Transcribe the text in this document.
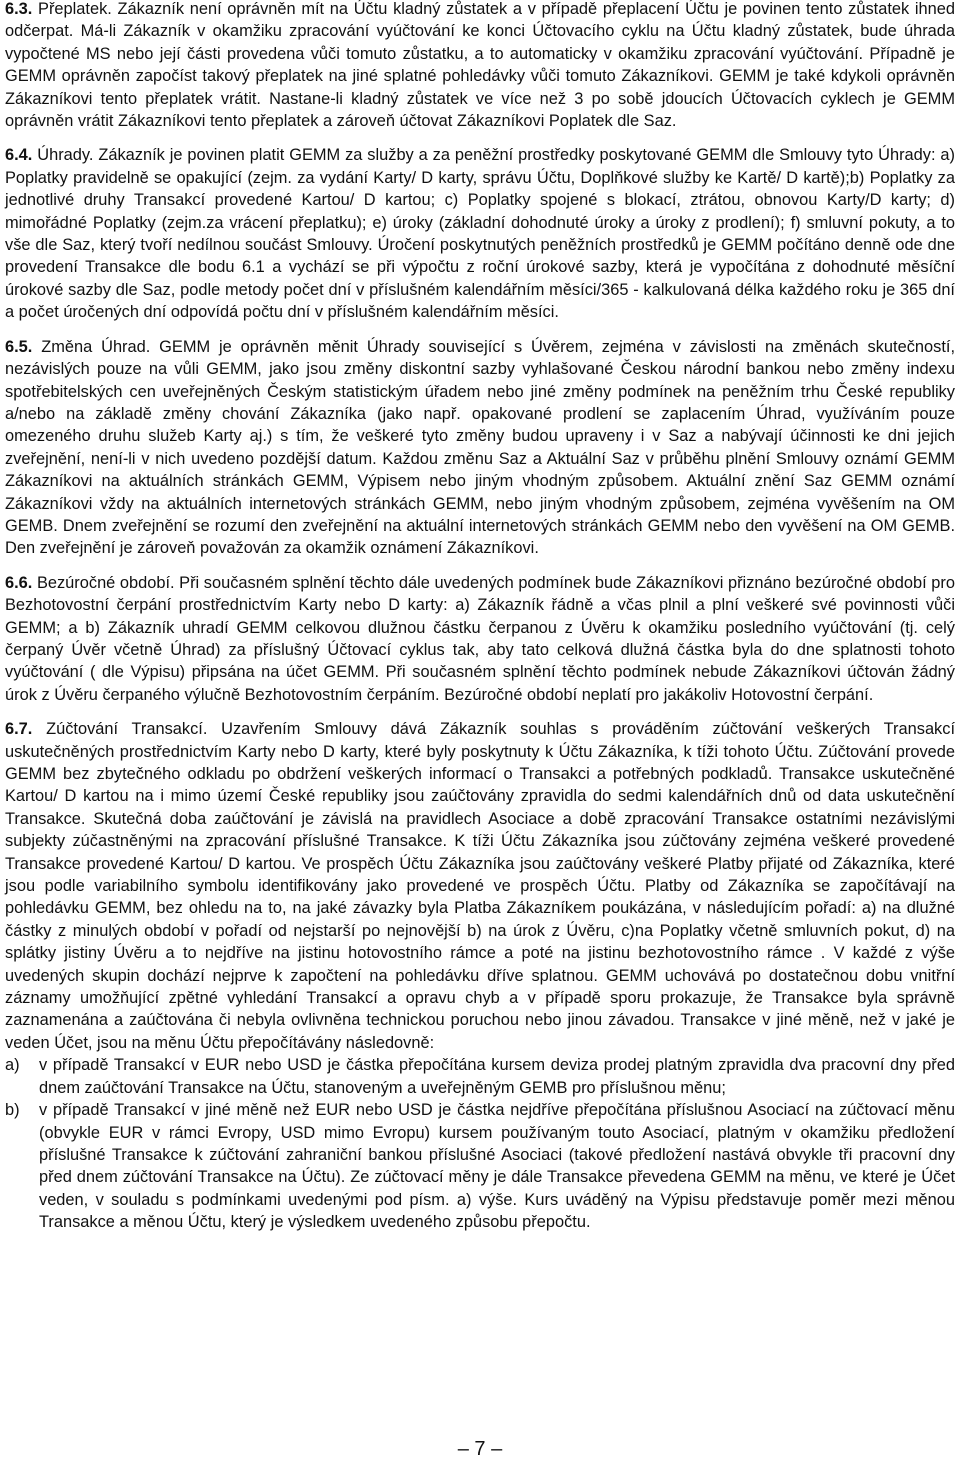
6.3. Přeplatek. Zákazník není oprávněn mít na Účtu kladný zůstatek a v případě přeplacení Účtu je povinen tento zůstatek ihned odčerpat. Má-li Zákazník v okamžiku zpracování vyúčtování ke konci Účtovacího cyklu na Účtu kladný zůstatek, bude úhrada vypočtené MS nebo její části provedena vůči tomuto zůstatku, a to automaticky v okamžiku zpracování vyúčtování. Případně je GEMM oprávněn započíst takový přeplatek na jiné splatné pohledávky vůči tomuto Zákazníkovi. GEMM je také kdykoli oprávněn Zákazníkovi tento přeplatek vrátit. Nastane-li kladný zůstatek ve více než 3 po sobě jdoucích Účtovacích cyklech je GEMM oprávněn vrátit Zákazníkovi tento přeplatek a zároveň účtovat Zákazníkovi Poplatek dle Saz.

6.4. Úhrady. Zákazník je povinen platit GEMM za služby a za peněžní prostředky poskytované GEMM dle Smlouvy tyto Úhrady: a) Poplatky pravidelně se opakující (zejm. za vydání Karty/ D karty, správu Účtu, Doplňkové služby ke Kartě/ D kartě);b) Poplatky za jednotlivé druhy Transakcí provedené Kartou/ D kartou; c) Poplatky spojené s blokací, ztrátou, obnovou Karty/D karty; d) mimořádné Poplatky (zejm.za vrácení přeplatku); e) úroky (základní dohodnuté úroky a úroky z prodlení); f) smluvní pokuty, a to vše dle Saz, který tvoří nedílnou součást Smlouvy. Úročení poskytnutých peněžních prostředků je GEMM počítáno denně ode dne provedení Transakce dle bodu 6.1 a vychází se při výpočtu z roční úrokové sazby, která je vypočítána z dohodnuté měsíční úrokové sazby dle Saz, podle metody počet dní v příslušném kalendářním měsíci/365 - kalkulovaná délka každého roku je 365 dní a počet úročených dní odpovídá počtu dní v příslušném kalendářním měsíci.

6.5. Změna Úhrad. GEMM je oprávněn měnit Úhrady související s Úvěrem, zejména v závislosti na změnách skutečností, nezávislých pouze na vůli GEMM, jako jsou změny diskontní sazby vyhlašované Českou národní bankou nebo změny indexu spotřebitelských cen uveřejněných Českým statistickým úřadem nebo jiné změny podmínek na peněžním trhu České republiky a/nebo na základě změny chování Zákazníka (jako např. opakované prodlení se zaplacením Úhrad, využíváním pouze omezeného druhu služeb Karty aj.) s tím, že veškeré tyto změny budou upraveny i v Saz a nabývají účinnosti ke dni jejich zveřejnění, není-li v nich uvedeno pozdější datum. Každou změnu Saz a Aktuální Saz v průběhu plnění Smlouvy oznámí GEMM Zákazníkovi na aktuálních stránkách GEMM, Výpisem nebo jiným vhodným způsobem. Aktuální znění Saz GEMM oznámí Zákazníkovi vždy na aktuálních internetových stránkách GEMM, nebo jiným vhodným způsobem, zejména vyvěšením na OM GEMB. Dnem zveřejnění se rozumí den zveřejnění na aktuální internetových stránkách GEMM nebo den vyvěšení na OM GEMB. Den zveřejnění je zároveň považován za okamžik oznámení Zákazníkovi.

6.6. Bezúročné období. Při současném splnění těchto dále uvedených podmínek bude Zákazníkovi přiznáno bezúročné období pro Bezhotovostní čerpání prostřednictvím Karty nebo D karty: a) Zákazník řádně a včas plnil a plní veškeré své povinnosti vůči GEMM; a b) Zákazník uhradí GEMM celkovou dlužnou částku čerpanou z Úvěru k okamžiku posledního vyúčtování (tj. celý čerpaný Úvěr včetně Úhrad) za příslušný Účtovací cyklus tak, aby tato celková dlužná částka byla do dne splatnosti tohoto vyúčtování ( dle Výpisu) připsána na účet GEMM. Při současném splnění těchto podmínek nebude Zákazníkovi účtován žádný úrok z Úvěru čerpaného výlučně Bezhotovostním čerpáním. Bezúročné období neplatí pro jakákoliv Hotovostní čerpání.

6.7. Zúčtování Transakcí. Uzavřením Smlouvy dává Zákazník souhlas s prováděním zúčtování veškerých Transakcí uskutečněných prostřednictvím Karty nebo D karty, které byly poskytnuty k Účtu Zákazníka, k tíži tohoto Účtu. Zúčtování provede GEMM bez zbytečného odkladu po obdržení veškerých informací o Transakci a potřebných podkladů. Transakce uskutečněné Kartou/ D kartou na i mimo území České republiky jsou zaúčtovány zpravidla do sedmi kalendářních dnů od data uskutečnění Transakce. Skutečná doba zaúčtování je závislá na pravidlech Asociace a době zpracování Transakce ostatními nezávislými subjekty zúčastněnými na zpracování příslušné Transakce. K tíži Účtu Zákazníka jsou zúčtovány zejména veškeré provedené Transakce provedené Kartou/ D kartou. Ve prospěch Účtu Zákazníka jsou zaúčtovány veškeré Platby přijaté od Zákazníka, které jsou podle variabilního symbolu identifikovány jako provedené ve prospěch Účtu. Platby od Zákazníka se započítávají na pohledávku GEMM, bez ohledu na to, na jaké závazky byla Platba Zákazníkem poukázána, v následujícím pořadí: a) na dlužné částky z minulých období v pořadí od nejstarší po nejnovější b) na úrok z Úvěru, c)na Poplatky včetně smluvních pokut, d) na splátky jistiny Úvěru a to nejdříve na jistinu hotovostního rámce a poté na jistinu bezhotovostního rámce . V každé z výše uvedených skupin dochází nejprve k započtení na pohledávku dříve splatnou. GEMM uchovává po dostatečnou dobu vnitřní záznamy umožňující zpětné vyhledání Transakcí a opravu chyb a v případě sporu prokazuje, že Transakce byla správně zaznamenána a zaúčtována či nebyla ovlivněna technickou poruchou nebo jinou závadou. Transakce v jiné měně, než v jaké je veden Účet, jsou na měnu Účtu přepočítávány následovně:

a)	v případě Transakcí v EUR nebo USD je částka přepočítána kursem deviza prodej platným zpravidla dva pracovní dny před dnem zaúčtování Transakce na Účtu, stanoveným a uveřejněným GEMB pro příslušnou měnu;
b)	v případě Transakcí v jiné měně než EUR nebo USD je částka nejdříve přepočítána příslušnou Asociací na zúčtovací měnu (obvykle EUR v rámci Evropy, USD mimo Evropu) kursem používaným touto Asociací, platným v okamžiku předložení příslušné Transakce k zúčtování zahraniční bankou příslušné Asociaci (takové předložení nastává obvykle tři pracovní dny před dnem zúčtování Transakce na Účtu). Ze zúčtovací měny je dále Transakce převedena GEMM na měnu, ve které je Účet veden, v souladu s podmínkami uvedenými pod písm. a) výše. Kurs uváděný na Výpisu představuje poměr mezi měnou Transakce a měnou Účtu, který je výsledkem uvedeného způsobu přepočtu.
– 7 –
